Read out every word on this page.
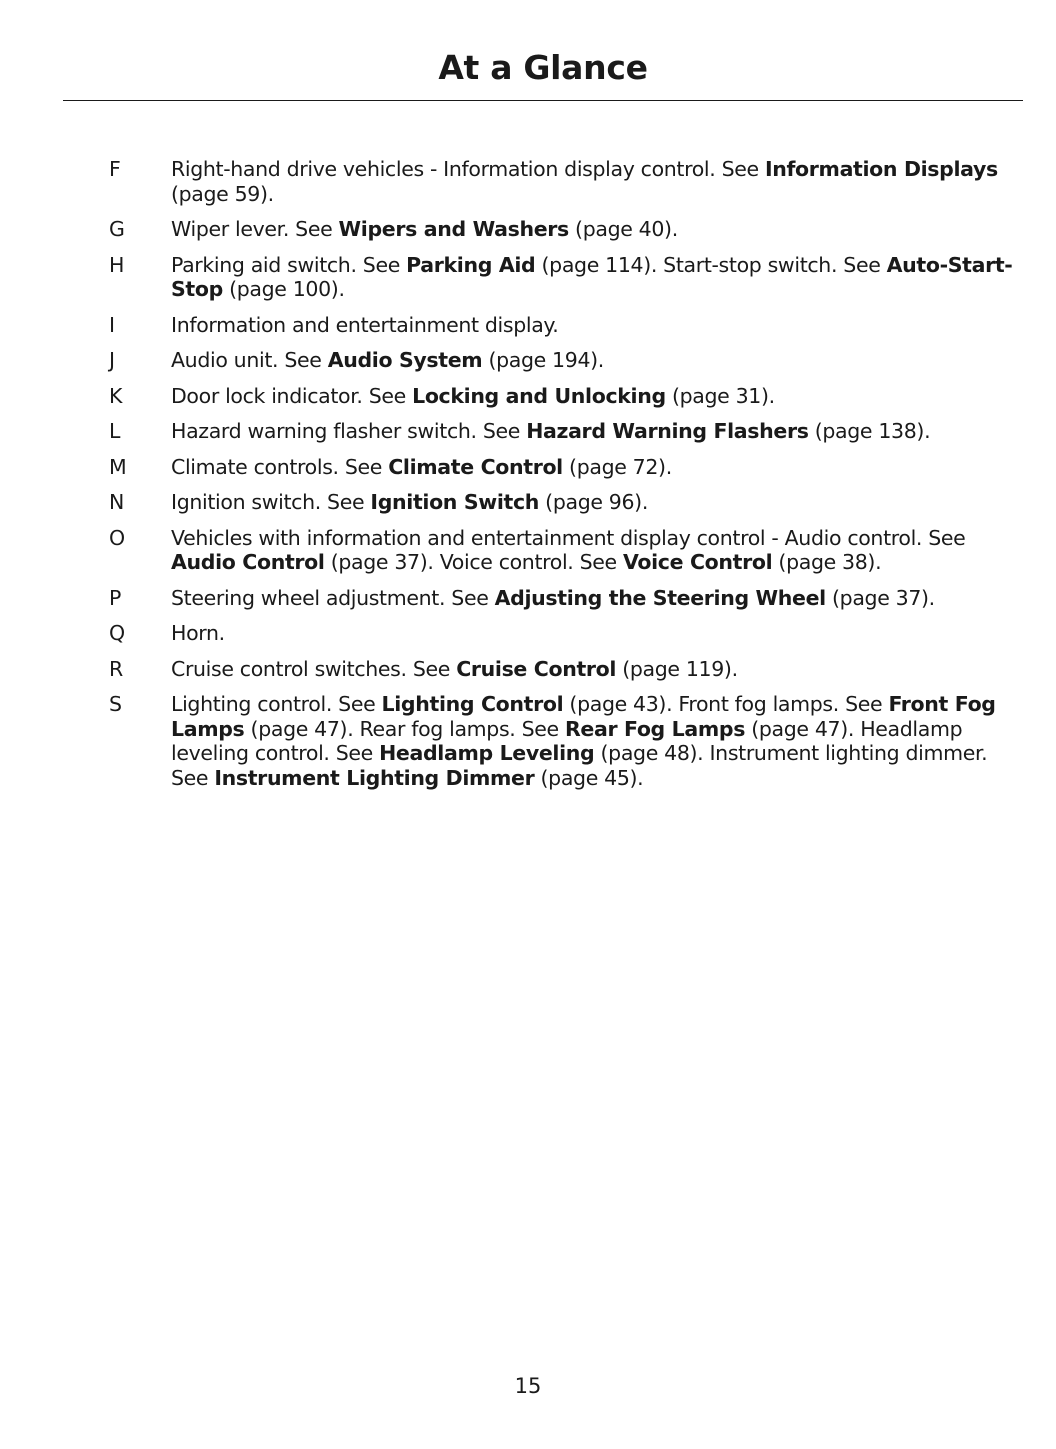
At a Glance
F	Right-hand drive vehicles - Information display control. See Information Displays (page 59).
G	Wiper lever. See Wipers and Washers (page 40).
H	Parking aid switch. See Parking Aid (page 114). Start-stop switch. See Auto-Start-Stop (page 100).
I	Information and entertainment display.
J	Audio unit. See Audio System (page 194).
K	Door lock indicator. See Locking and Unlocking (page 31).
L	Hazard warning flasher switch. See Hazard Warning Flashers (page 138).
M	Climate controls. See Climate Control (page 72).
N	Ignition switch. See Ignition Switch (page 96).
O	Vehicles with information and entertainment display control - Audio control. See Audio Control (page 37). Voice control. See Voice Control (page 38).
P	Steering wheel adjustment. See Adjusting the Steering Wheel (page 37).
Q	Horn.
R	Cruise control switches. See Cruise Control (page 119).
S	Lighting control. See Lighting Control (page 43). Front fog lamps. See Front Fog Lamps (page 47). Rear fog lamps. See Rear Fog Lamps (page 47). Headlamp leveling control. See Headlamp Leveling (page 48). Instrument lighting dimmer. See Instrument Lighting Dimmer (page 45).
15
